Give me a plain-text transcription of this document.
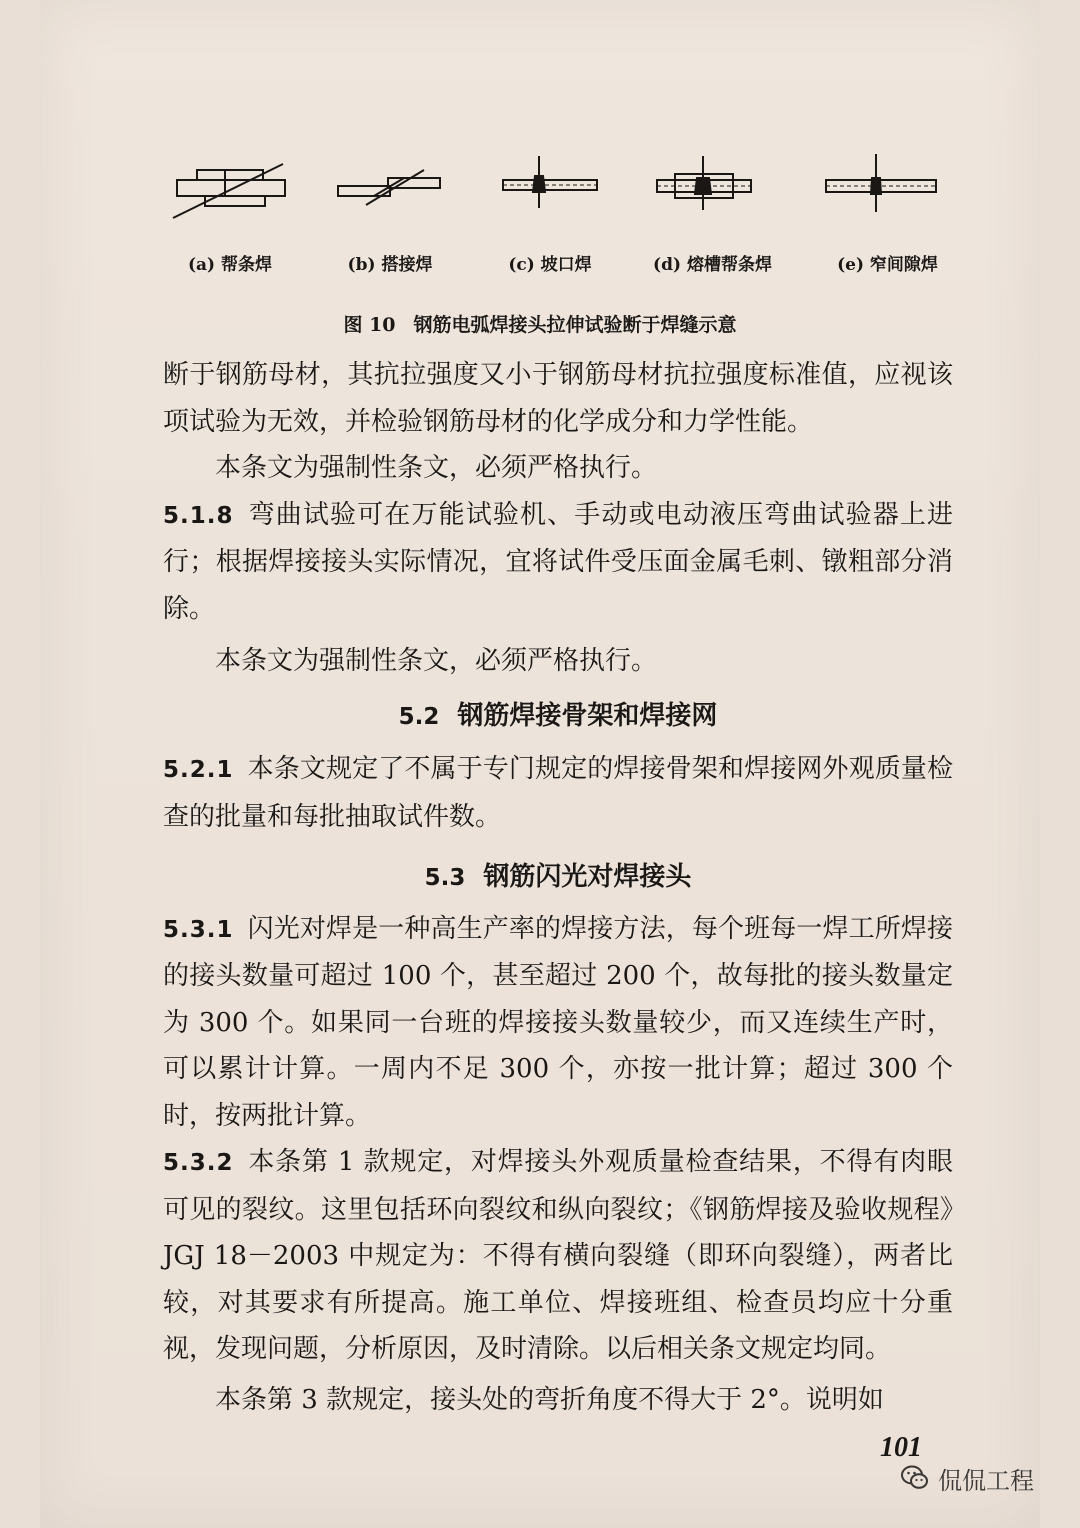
(a) 帮条焊	(b) 搭接焊	(c) 坡口焊	(d) 熔槽帮条焊	(e) 窄间隙焊
图 10 钢筋电弧焊接头拉伸试验断于焊缝示意

断于钢筋母材，其抗拉强度又小于钢筋母材抗拉强度标准值，应视该项试验为无效，并检验钢筋母材的化学成分和力学性能。

本条文为强制性条文，必须严格执行。

5.1.8 弯曲试验可在万能试验机、手动或电动液压弯曲试验器上进行；根据焊接接头实际情况，宜将试件受压面金属毛刺、镦粗部分消除。

本条文为强制性条文，必须严格执行。

5.2 钢筋焊接骨架和焊接网

5.2.1 本条文规定了不属于专门规定的焊接骨架和焊接网外观质量检查的批量和每批抽取试件数。

5.3 钢筋闪光对焊接头

5.3.1 闪光对焊是一种高生产率的焊接方法，每个班每一焊工所焊接的接头数量可超过 100 个，甚至超过 200 个，故每批的接头数量定为 300 个。如果同一台班的焊接接头数量较少，而又连续生产时，可以累计计算。一周内不足 300 个，亦按一批计算；超过 300 个时，按两批计算。

5.3.2 本条第 1 款规定，对焊接头外观质量检查结果，不得有肉眼可见的裂纹。这里包括环向裂纹和纵向裂纹；《钢筋焊接及验收规程》JGJ 18－2003 中规定为：不得有横向裂缝（即环向裂缝），两者比较，对其要求有所提高。施工单位、焊接班组、检查员均应十分重视，发现问题，分析原因，及时清除。以后相关条文规定均同。

本条第 3 款规定，接头处的弯折角度不得大于 2°。说明如

101
侃侃工程
